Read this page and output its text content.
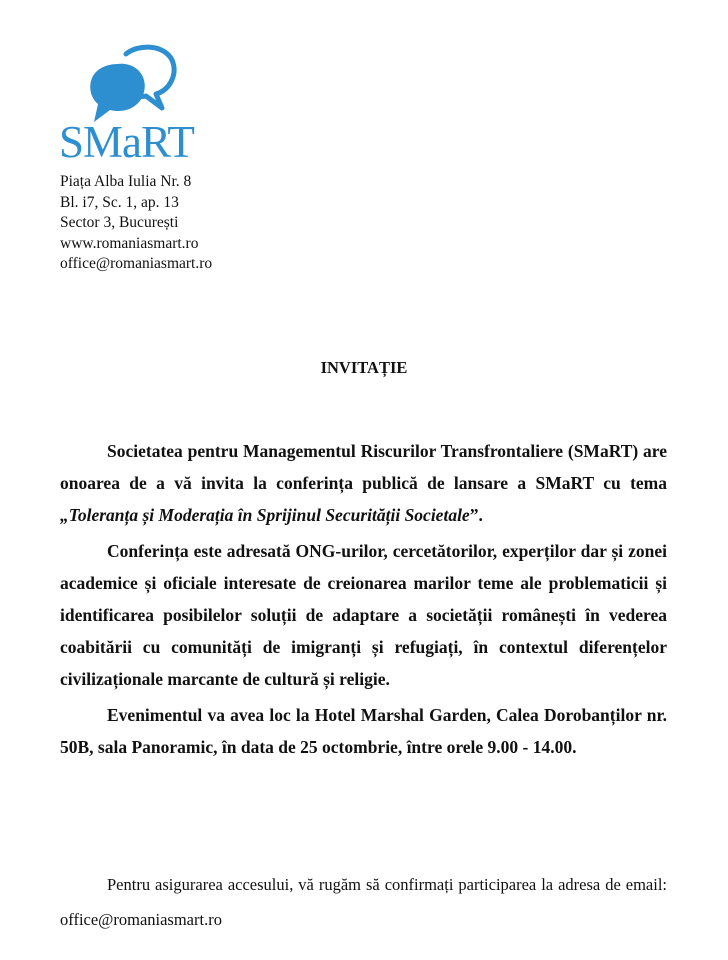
SMaRT
Piața Alba Iulia Nr. 8
Bl. i7, Sc. 1, ap. 13
Sector 3, București
www.romaniasmart.ro
office@romaniasmart.ro
INVITAȚIE

Societatea pentru Managementul Riscurilor Transfrontaliere (SMaRT) are onoarea de a vă invita la conferința publică de lansare a SMaRT cu tema „Toleranța și Moderația în Sprijinul Securității Societale”.

Conferința este adresată ONG-urilor, cercetătorilor, experților dar și zonei academice și oficiale interesate de creionarea marilor teme ale problematicii și identificarea posibilelor soluții de adaptare a societății românești în vederea coabitării cu comunități de imigranți și refugiați, în contextul diferențelor civilizaționale marcante de cultură și religie.

Evenimentul va avea loc la Hotel Marshal Garden, Calea Dorobanților nr. 50B, sala Panoramic, în data de 25 octombrie, între orele 9.00 - 14.00.

Pentru asigurarea accesului, vă rugăm să confirmați participarea la adresa de email: office@romaniasmart.ro
